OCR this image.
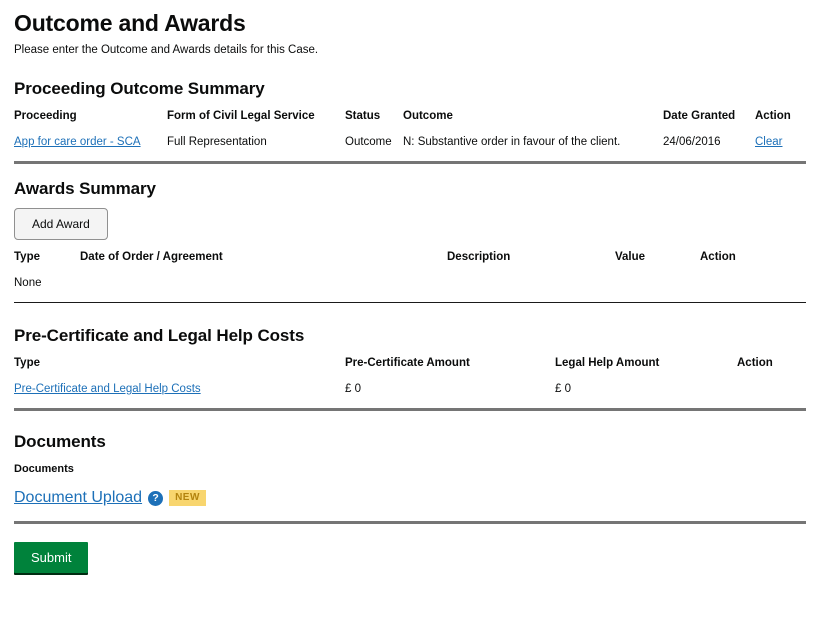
Outcome and Awards

Please enter the Outcome and Awards details for this Case.

Proceeding Outcome Summary
Proceeding	Form of Civil Legal Service	Status	Outcome	Date Granted	Action
App for care order - SCA	Full Representation	Outcome	N: Substantive order in favour of the client.	24/06/2016	Clear
Awards Summary
Add Award
Type	Date of Order / Agreement	Description	Value	Action
None
Pre-Certificate and Legal Help Costs
Type	Pre-Certificate Amount	Legal Help Amount	Action
Pre-Certificate and Legal Help Costs	£ 0	£ 0	
Documents
Documents
Document Upload ?	NEW
Submit
